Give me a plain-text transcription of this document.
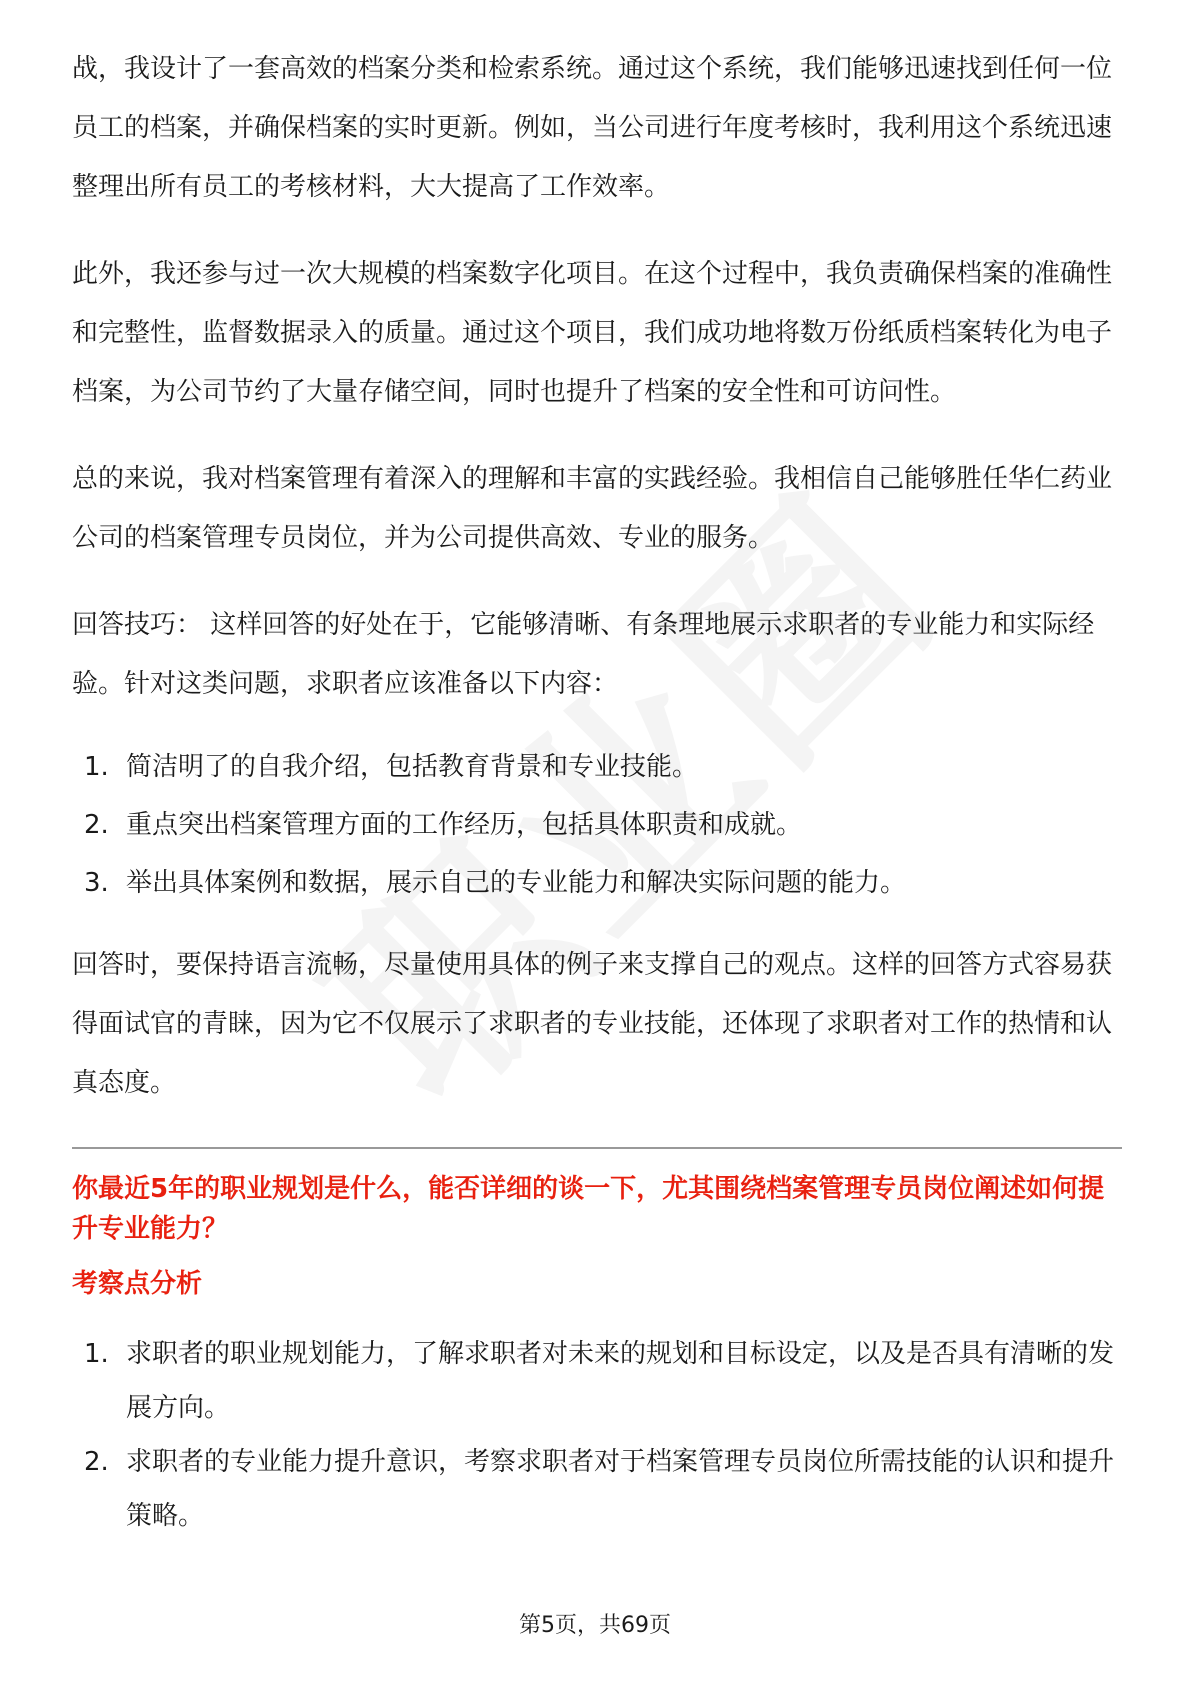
战，我设计了一套高效的档案分类和检索系统。通过这个系统，我们能够迅速找到任何一位员工的档案，并确保档案的实时更新。例如，当公司进行年度考核时，我利用这个系统迅速整理出所有员工的考核材料，大大提高了工作效率。

此外，我还参与过一次大规模的档案数字化项目。在这个过程中，我负责确保档案的准确性和完整性，监督数据录入的质量。通过这个项目，我们成功地将数万份纸质档案转化为电子档案，为公司节约了大量存储空间，同时也提升了档案的安全性和可访问性。

总的来说，我对档案管理有着深入的理解和丰富的实践经验。我相信自己能够胜任华仁药业公司的档案管理专员岗位，并为公司提供高效、专业的服务。

回答技巧： 这样回答的好处在于，它能够清晰、有条理地展示求职者的专业能力和实际经验。针对这类问题，求职者应该准备以下内容：

1. 简洁明了的自我介绍，包括教育背景和专业技能。
2. 重点突出档案管理方面的工作经历，包括具体职责和成就。
3. 举出具体案例和数据，展示自己的专业能力和解决实际问题的能力。

回答时，要保持语言流畅，尽量使用具体的例子来支撑自己的观点。这样的回答方式容易获得面试官的青睐，因为它不仅展示了求职者的专业技能，还体现了求职者对工作的热情和认真态度。

你最近5年的职业规划是什么，能否详细的谈一下，尤其围绕档案管理专员岗位阐述如何提升专业能力？
考察点分析
1. 求职者的职业规划能力，了解求职者对未来的规划和目标设定，以及是否具有清晰的发展方向。
2. 求职者的专业能力提升意识，考察求职者对于档案管理专员岗位所需技能的认识和提升策略。
第5页，共69页
